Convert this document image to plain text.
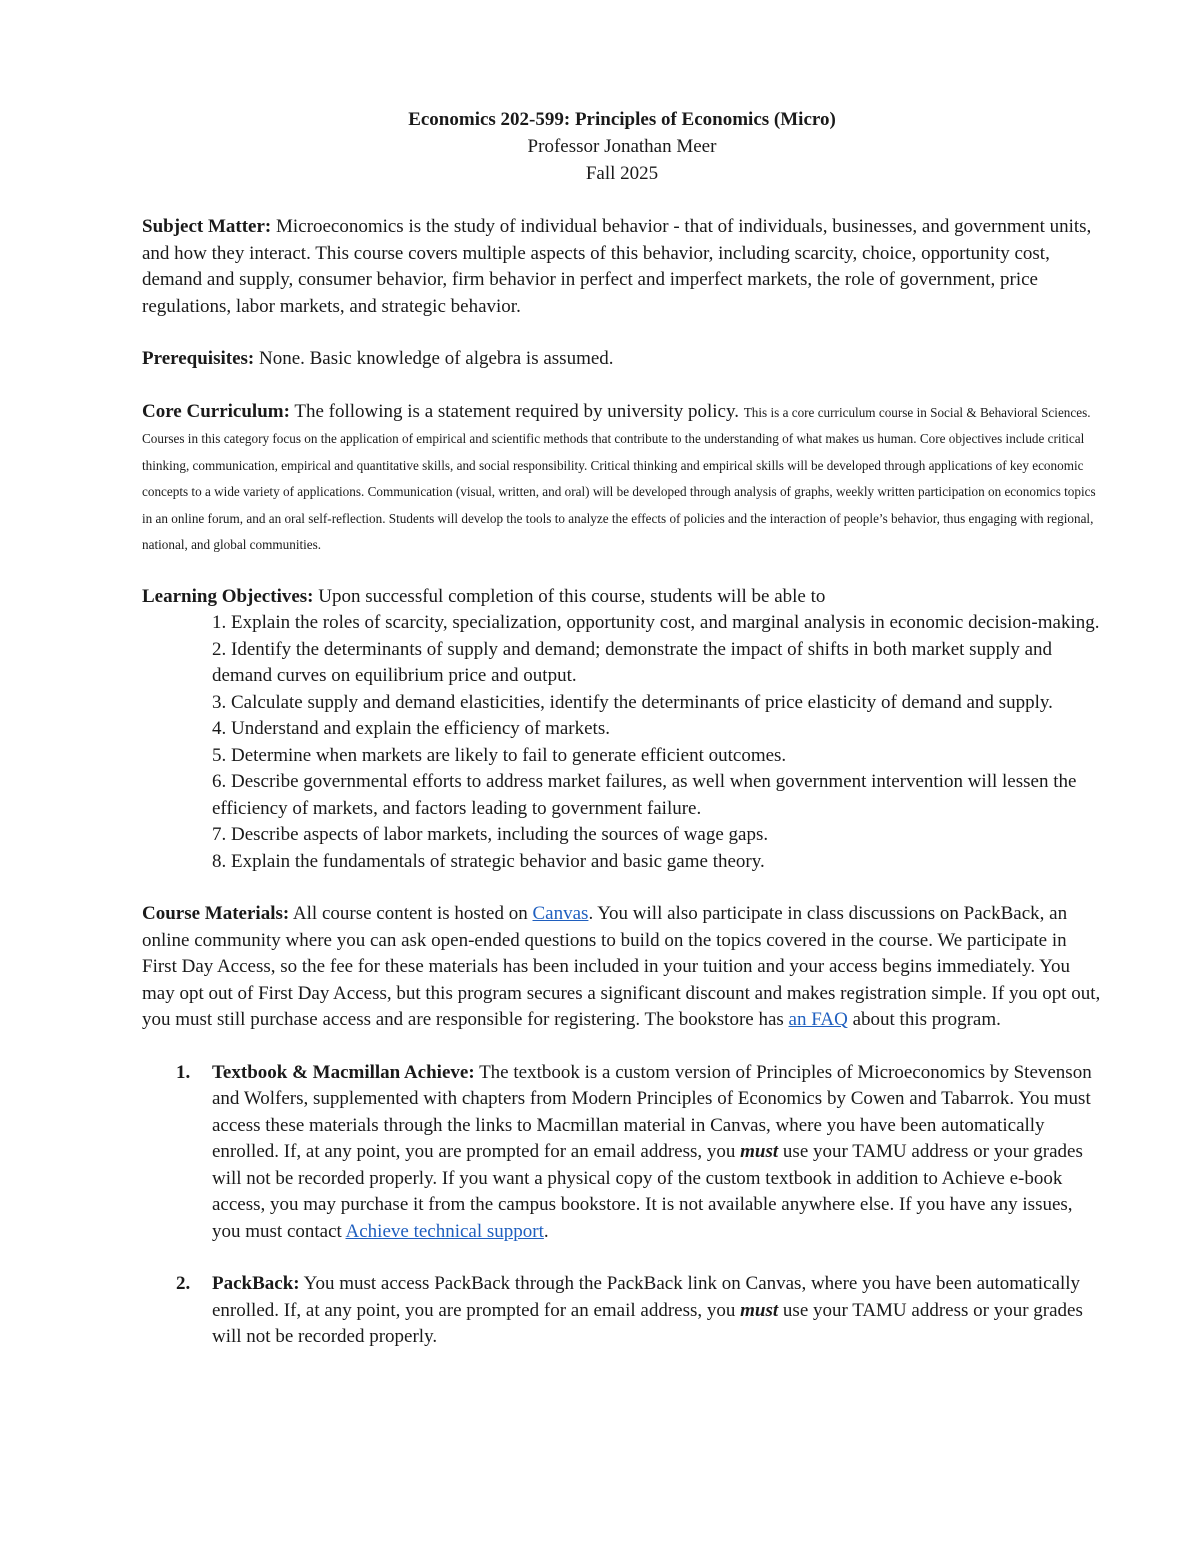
Economics 202-599: Principles of Economics (Micro)
Professor Jonathan Meer
Fall 2025

Subject Matter: Microeconomics is the study of individual behavior - that of individuals, businesses, and government units, and how they interact. This course covers multiple aspects of this behavior, including scarcity, choice, opportunity cost, demand and supply, consumer behavior, firm behavior in perfect and imperfect markets, the role of government, price regulations, labor markets, and strategic behavior.

Prerequisites: None. Basic knowledge of algebra is assumed.

Core Curriculum: The following is a statement required by university policy. This is a core curriculum course in Social & Behavioral Sciences. Courses in this category focus on the application of empirical and scientific methods that contribute to the understanding of what makes us human. Core objectives include critical thinking, communication, empirical and quantitative skills, and social responsibility. Critical thinking and empirical skills will be developed through applications of key economic concepts to a wide variety of applications. Communication (visual, written, and oral) will be developed through analysis of graphs, weekly written participation on economics topics in an online forum, and an oral self-reflection. Students will develop the tools to analyze the effects of policies and the interaction of people’s behavior, thus engaging with regional, national, and global communities.

Learning Objectives: Upon successful completion of this course, students will be able to

1. Explain the roles of scarcity, specialization, opportunity cost, and marginal analysis in economic decision-making.
2. Identify the determinants of supply and demand; demonstrate the impact of shifts in both market supply and demand curves on equilibrium price and output.
3. Calculate supply and demand elasticities, identify the determinants of price elasticity of demand and supply.
4. Understand and explain the efficiency of markets.
5. Determine when markets are likely to fail to generate efficient outcomes.
6. Describe governmental efforts to address market failures, as well when government intervention will lessen the efficiency of markets, and factors leading to government failure.
7. Describe aspects of labor markets, including the sources of wage gaps.
8. Explain the fundamentals of strategic behavior and basic game theory.

Course Materials: All course content is hosted on Canvas. You will also participate in class discussions on PackBack, an online community where you can ask open-ended questions to build on the topics covered in the course. We participate in First Day Access, so the fee for these materials has been included in your tuition and your access begins immediately. You may opt out of First Day Access, but this program secures a significant discount and makes registration simple. If you opt out, you must still purchase access and are responsible for registering. The bookstore has an FAQ about this program.

1. Textbook & Macmillan Achieve: The textbook is a custom version of Principles of Microeconomics by Stevenson and Wolfers, supplemented with chapters from Modern Principles of Economics by Cowen and Tabarrok. You must access these materials through the links to Macmillan material in Canvas, where you have been automatically enrolled. If, at any point, you are prompted for an email address, you must use your TAMU address or your grades will not be recorded properly. If you want a physical copy of the custom textbook in addition to Achieve e-book access, you may purchase it from the campus bookstore. It is not available anywhere else. If you have any issues, you must contact Achieve technical support.
2. PackBack: You must access PackBack through the PackBack link on Canvas, where you have been automatically enrolled. If, at any point, you are prompted for an email address, you must use your TAMU address or your grades will not be recorded properly.
